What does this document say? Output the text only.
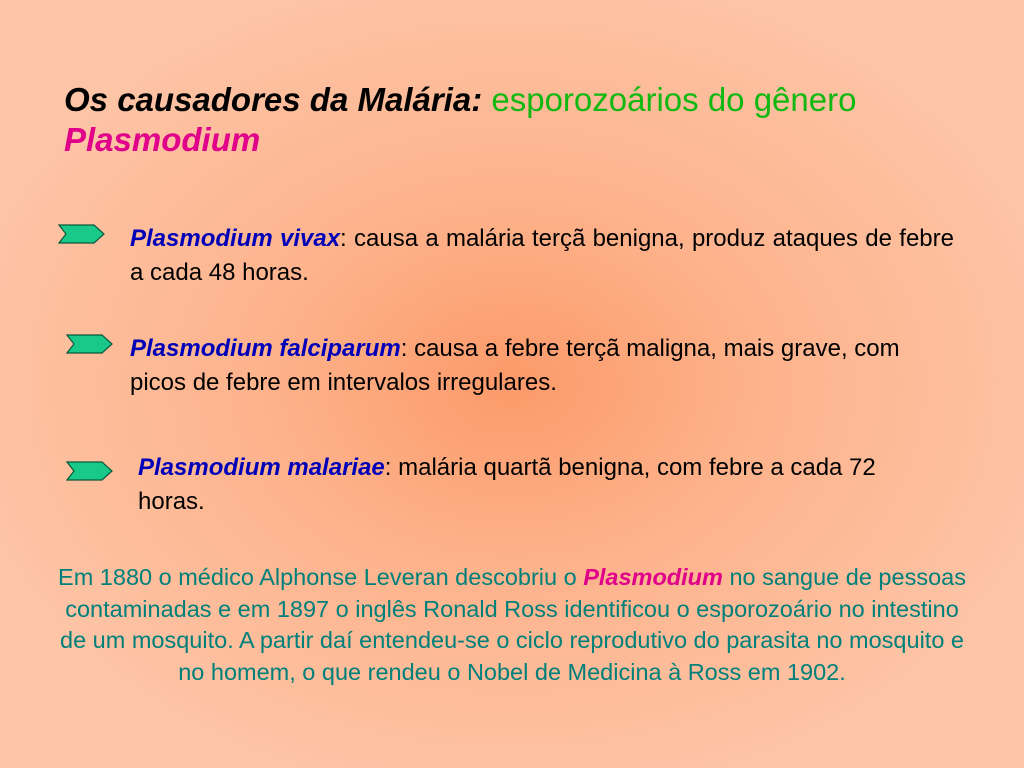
Os causadores da Malária: esporozoários do gênero Plasmodium
Plasmodium vivax: causa a malária terçã benigna, produz ataques de febre a cada 48 horas.
Plasmodium falciparum: causa a febre terçã maligna, mais grave, com picos de febre em intervalos irregulares.
Plasmodium malariae: malária quartã benigna, com febre a cada 72 horas.
Em 1880 o médico Alphonse Leveran descobriu o Plasmodium no sangue de pessoas contaminadas e em 1897 o inglês Ronald Ross identificou o esporozoário no intestino de um mosquito. A partir daí entendeu-se o ciclo reprodutivo do parasita no mosquito e no homem, o que rendeu o Nobel de Medicina à Ross em 1902.
